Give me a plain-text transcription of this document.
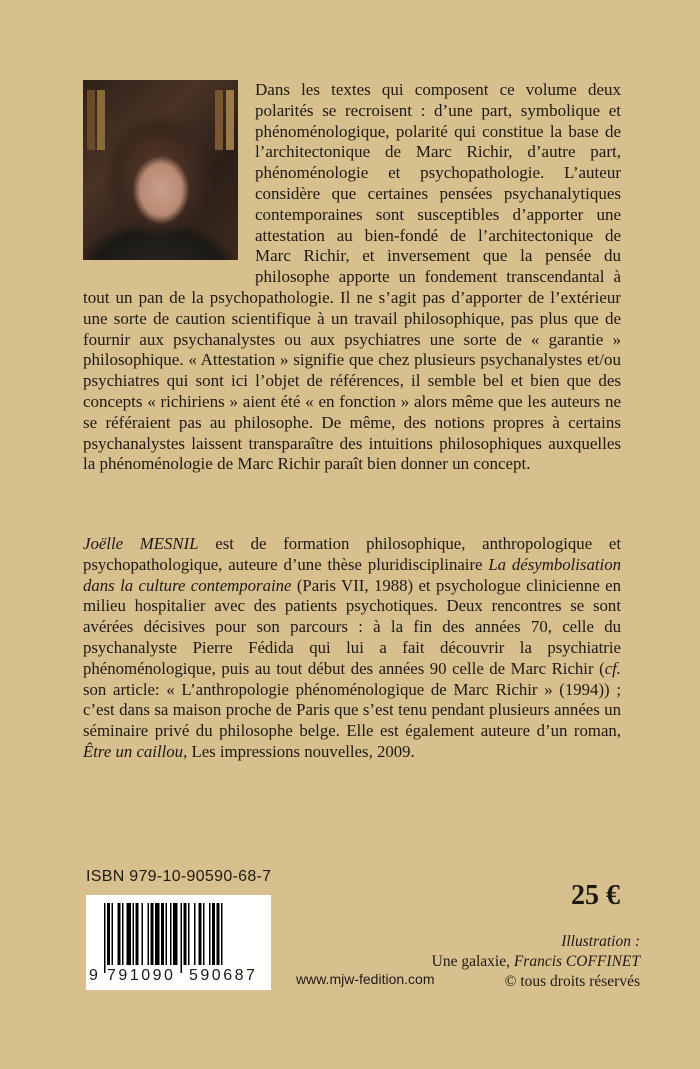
Dans les textes qui composent ce volume deux polarités se recroisent : d’une part, symbolique et phénoménologique, polarité qui constitue la base de l’architectonique de Marc Richir, d’autre part, phénoménologie et psychopathologie. L’auteur considère que certaines pensées psychanalytiques contemporaines sont susceptibles d’apporter une attestation au bien-fondé de l’architectonique de Marc Richir, et inversement que la pensée du philosophe apporte un fondement transcendantal à tout un pan de la psychopathologie. Il ne s’agit pas d’apporter de l’extérieur une sorte de caution scientifique à un travail philosophique, pas plus que de fournir aux psychanalystes ou aux psychiatres une sorte de « garantie » philosophique. « Attestation » signifie que chez plusieurs psychanalystes et/ou psychiatres qui sont ici l’objet de références, il semble bel et bien que des concepts « richiriens » aient été « en fonction » alors même que les auteurs ne se référaient pas au philosophe. De même, des notions propres à certains psychanalystes laissent transparaître des intuitions philosophiques auxquelles la phénoménologie de Marc Richir paraît bien donner un concept.

Joëlle MESNIL est de formation philosophique, anthropologique et psychopathologique, auteure d’une thèse pluridisciplinaire La désymbolisation dans la culture contemporaine (Paris VII, 1988) et psychologue clinicienne en milieu hospitalier avec des patients psychotiques. Deux rencontres se sont avérées décisives pour son parcours : à la fin des années 70, celle du psychanalyste Pierre Fédida qui lui a fait découvrir la psychiatrie phénoménologique, puis au tout début des années 90 celle de Marc Richir (cf. son article: « L’anthropologie phénoménologique de Marc Richir » (1994)) ; c’est dans sa maison proche de Paris que s’est tenu pendant plusieurs années un séminaire privé du philosophe belge. Elle est également auteure d’un roman, Être un caillou, Les impressions nouvelles, 2009.

ISBN 979-10-90590-68-7
9 791090 590687	www.mjw-fedition.com
25 €
Illustration :
Une galaxie, Francis COFFINET
© tous droits réservés
